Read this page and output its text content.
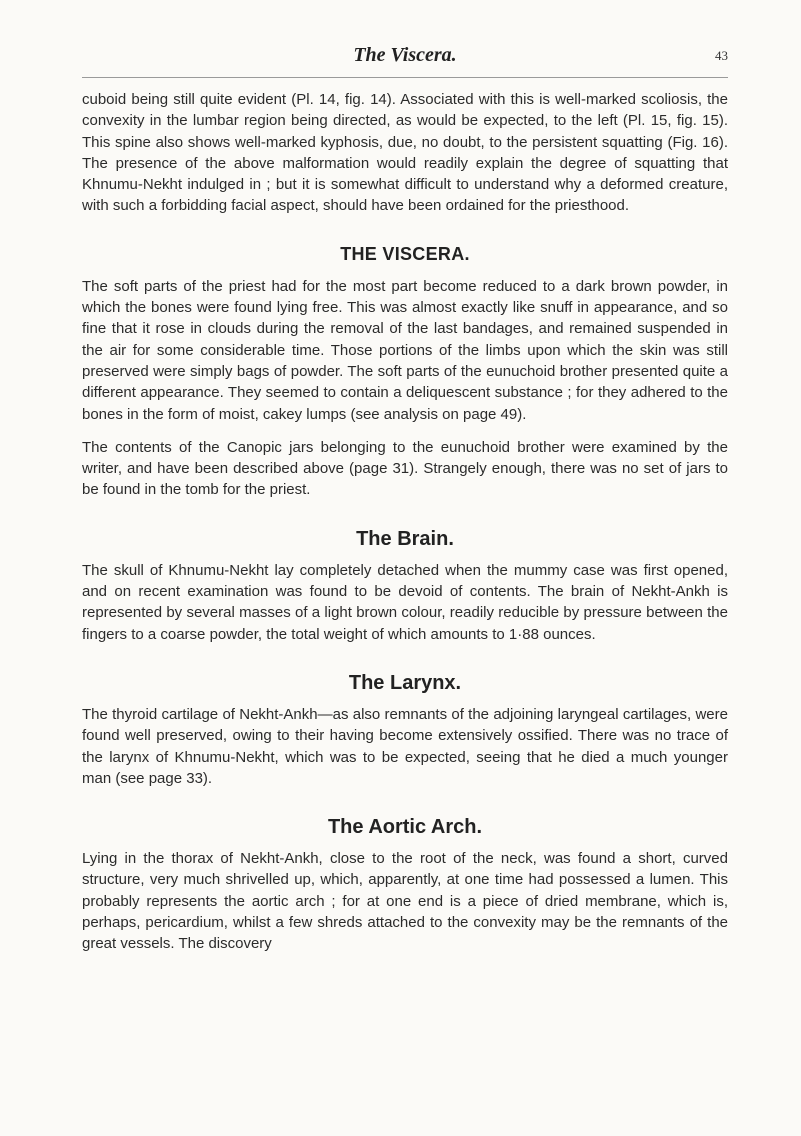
The Viscera.	43

cuboid being still quite evident (Pl. 14, fig. 14). Associated with this is well-marked scoliosis, the convexity in the lumbar region being directed, as would be expected, to the left (Pl. 15, fig. 15). This spine also shows well-marked kyphosis, due, no doubt, to the persistent squatting (Fig. 16). The presence of the above malformation would readily explain the degree of squatting that Khnumu-Nekht indulged in ; but it is somewhat difficult to understand why a deformed creature, with such a forbidding facial aspect, should have been ordained for the priesthood.

THE VISCERA.

The soft parts of the priest had for the most part become reduced to a dark brown powder, in which the bones were found lying free. This was almost exactly like snuff in appearance, and so fine that it rose in clouds during the removal of the last bandages, and remained suspended in the air for some considerable time. Those portions of the limbs upon which the skin was still preserved were simply bags of powder. The soft parts of the eunuchoid brother presented quite a different appearance. They seemed to contain a deliquescent substance ; for they adhered to the bones in the form of moist, cakey lumps (see analysis on page 49).

The contents of the Canopic jars belonging to the eunuchoid brother were examined by the writer, and have been described above (page 31). Strangely enough, there was no set of jars to be found in the tomb for the priest.

The Brain.

The skull of Khnumu-Nekht lay completely detached when the mummy case was first opened, and on recent examination was found to be devoid of contents. The brain of Nekht-Ankh is represented by several masses of a light brown colour, readily reducible by pressure between the fingers to a coarse powder, the total weight of which amounts to 1·88 ounces.

The Larynx.

The thyroid cartilage of Nekht-Ankh—as also remnants of the adjoining laryngeal cartilages, were found well preserved, owing to their having become extensively ossified. There was no trace of the larynx of Khnumu-Nekht, which was to be expected, seeing that he died a much younger man (see page 33).

The Aortic Arch.

Lying in the thorax of Nekht-Ankh, close to the root of the neck, was found a short, curved structure, very much shrivelled up, which, apparently, at one time had possessed a lumen. This probably represents the aortic arch ; for at one end is a piece of dried membrane, which is, perhaps, pericardium, whilst a few shreds attached to the convexity may be the remnants of the great vessels. The discovery
